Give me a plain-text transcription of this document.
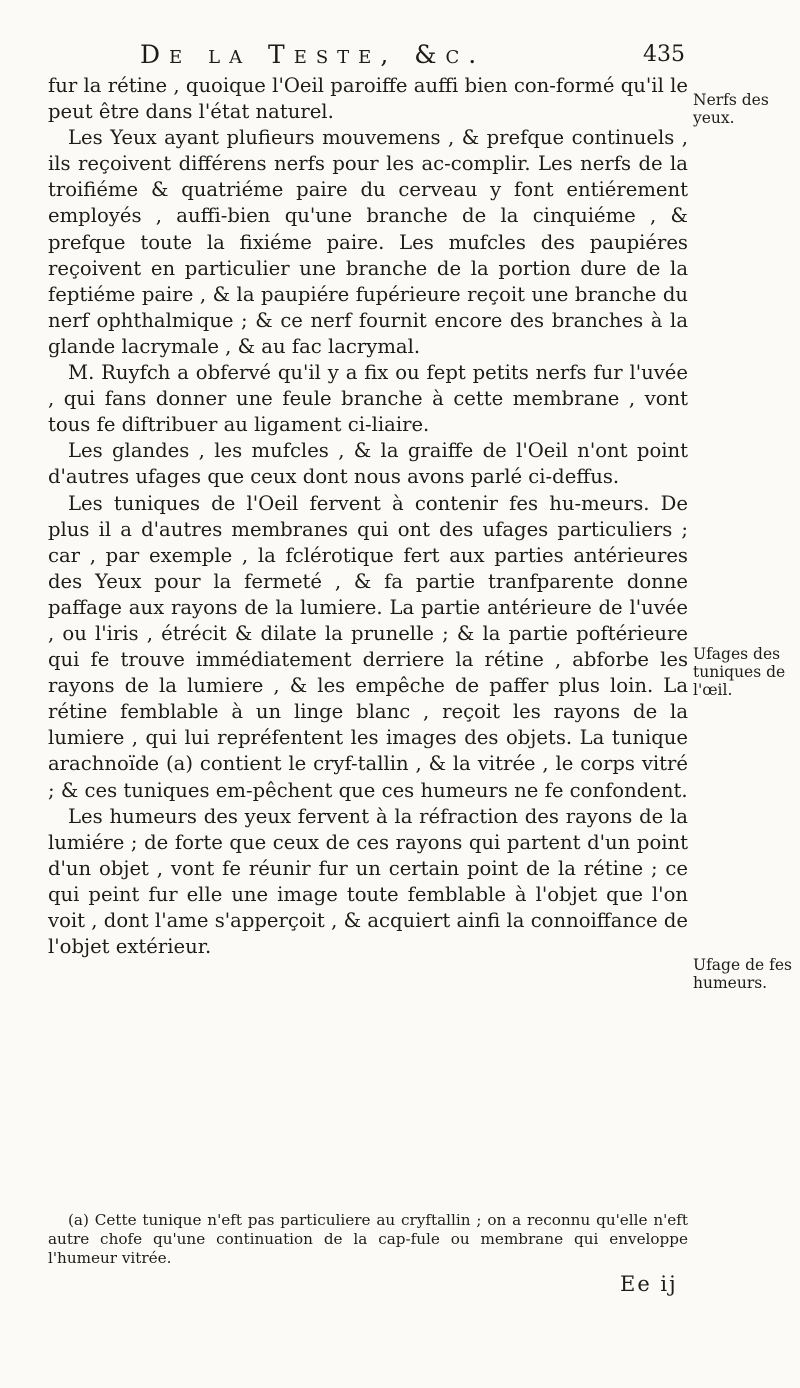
De la Teste, &c.	435

fur la rétine , quoique l'Oeil paroiffe auffi bien con-formé qu'il le peut être dans l'état naturel.

Les Yeux ayant plufieurs mouvemens , & prefque continuels , ils reçoivent différens nerfs pour les ac-complir. Les nerfs de la troifiéme & quatriéme paire du cerveau y font entiérement employés , auffi-bien qu'une branche de la cinquiéme , & prefque toute la fixiéme paire. Les mufcles des paupiéres reçoivent en particulier une branche de la portion dure de la feptiéme paire , & la paupiére fupérieure reçoit une branche du nerf ophthalmique ; & ce nerf fournit encore des branches à la glande lacrymale , & au fac lacrymal.

M. Ruyfch a obfervé qu'il y a fix ou fept petits nerfs fur l'uvée , qui fans donner une feule branche à cette membrane , vont tous fe diftribuer au ligament ci-liaire.

Les glandes , les mufcles , & la graiffe de l'Oeil n'ont point d'autres ufages que ceux dont nous avons parlé ci-deffus.

Les tuniques de l'Oeil fervent à contenir fes hu-meurs. De plus il a d'autres membranes qui ont des ufages particuliers ; car , par exemple , la fclérotique fert aux parties antérieures des Yeux pour la fermeté , & fa partie tranfparente donne paffage aux rayons de la lumiere. La partie antérieure de l'uvée , ou l'iris , étrécit & dilate la prunelle ; & la partie poftérieure qui fe trouve immédiatement derriere la rétine , abforbe les rayons de la lumiere , & les empêche de paffer plus loin. La rétine femblable à un linge blanc , reçoit les rayons de la lumiere , qui lui repréfentent les images des objets. La tunique arachnoïde (a) contient le cryf-tallin , & la vitrée , le corps vitré ; & ces tuniques em-pêchent que ces humeurs ne fe confondent.

Les humeurs des yeux fervent à la réfraction des rayons de la lumiére ; de forte que ceux de ces rayons qui partent d'un point d'un objet , vont fe réunir fur un certain point de la rétine ; ce qui peint fur elle une image toute femblable à l'objet que l'on voit , dont l'ame s'apperçoit , & acquiert ainfi la connoiffance de l'objet extérieur.

Nerfs des
yeux.
Ufages des
tuniques de
l'œil.
Ufage de fes
humeurs.

(a) Cette tunique n'eft pas particuliere au cryftallin ; on a reconnu qu'elle n'eft autre chofe qu'une continuation de la cap-fule ou membrane qui enveloppe l'humeur vitrée.

Ee ij
